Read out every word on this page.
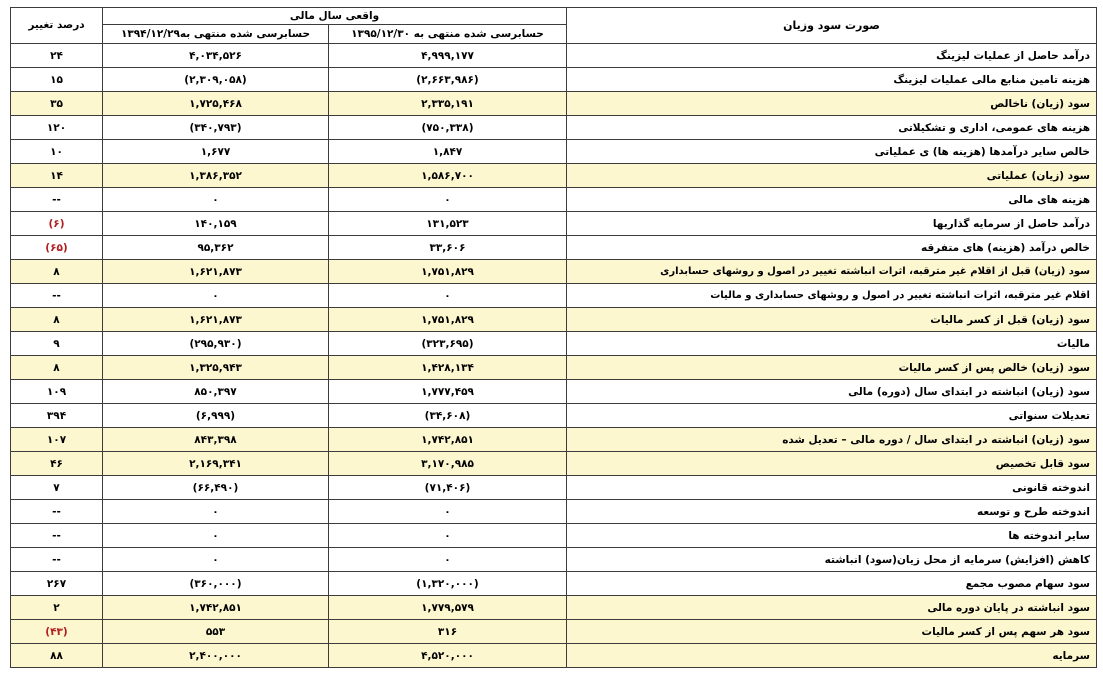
صورت سود وزیان	واقعی سال مالی		درصد تغییر
	حسابرسی شده منتهی به ۱۳۹۵/۱۲/۳۰	حسابرسی شده منتهی به۱۳۹۴/۱۲/۲۹	
درآمد حاصل از عملیات لیزینگ	۴,۹۹۹,۱۷۷	۴,۰۳۴,۵۲۶	۲۴
هزینه تامین منابع مالی عملیات لیزینگ	(۲,۶۶۳,۹۸۶)	(۲,۳۰۹,۰۵۸)	۱۵
سود (زیان) ناخالص	۲,۳۳۵,۱۹۱	۱,۷۲۵,۴۶۸	۳۵
هزینه های عمومی، اداری و تشکیلاتی	(۷۵۰,۳۳۸)	(۳۴۰,۷۹۳)	۱۲۰
خالص سایر درآمدها (هزینه ها) ی عملیاتی	۱,۸۴۷	۱,۶۷۷	۱۰
سود (زیان) عملیاتی	۱,۵۸۶,۷۰۰	۱,۳۸۶,۳۵۲	۱۴
هزینه های مالی	۰	۰	--
درآمد حاصل از سرمایه گذاریها	۱۳۱,۵۲۳	۱۴۰,۱۵۹	(۶)
خالص درآمد (هزینه) های متفرقه	۳۳,۶۰۶	۹۵,۳۶۲	(۶۵)
سود (زیان) قبل از اقلام غیر مترقبه، اثرات انباشته تغییر در اصول و روشهای حسابداری	۱,۷۵۱,۸۲۹	۱,۶۲۱,۸۷۳	۸
اقلام غیر مترقبه، اثرات انباشته تغییر در اصول و روشهای حسابداری و مالیات	۰	۰	--
سود (زیان) قبل از کسر مالیات	۱,۷۵۱,۸۲۹	۱,۶۲۱,۸۷۳	۸
مالیات	(۳۲۳,۶۹۵)	(۲۹۵,۹۳۰)	۹
سود (زیان) خالص پس از کسر مالیات	۱,۴۲۸,۱۳۴	۱,۳۲۵,۹۴۳	۸
سود (زیان) انباشته در ابتدای سال (دوره) مالی	۱,۷۷۷,۴۵۹	۸۵۰,۳۹۷	۱۰۹
تعدیلات سنواتی	(۳۴,۶۰۸)	(۶,۹۹۹)	۳۹۴
سود (زیان) انباشته در ابتدای سال / دوره مالی – تعدیل شده	۱,۷۴۲,۸۵۱	۸۴۳,۳۹۸	۱۰۷
سود قابل تخصیص	۳,۱۷۰,۹۸۵	۲,۱۶۹,۳۴۱	۴۶
اندوخته قانونی	(۷۱,۴۰۶)	(۶۶,۴۹۰)	۷
اندوخته طرح و توسعه	۰	۰	--
سایر اندوخته ها	۰	۰	--
کاهش (افزایش) سرمایه از محل زیان(سود) انباشته	۰	۰	--
سود سهام مصوب مجمع	(۱,۳۲۰,۰۰۰)	(۳۶۰,۰۰۰)	۲۶۷
سود انباشته در پایان دوره مالی	۱,۷۷۹,۵۷۹	۱,۷۴۲,۸۵۱	۲
سود هر سهم پس از کسر مالیات	۳۱۶	۵۵۳	(۴۳)
سرمایه	۴,۵۲۰,۰۰۰	۲,۴۰۰,۰۰۰	۸۸
